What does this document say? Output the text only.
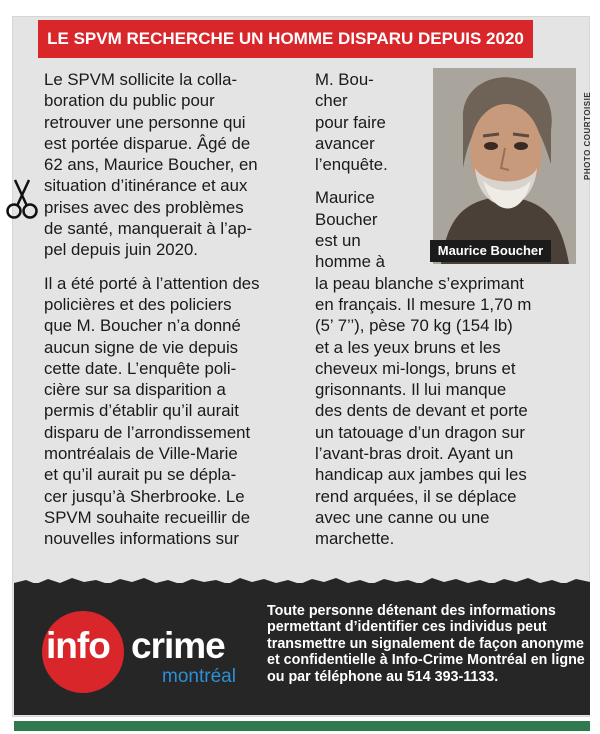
LE SPVM RECHERCHE UN HOMME DISPARU DEPUIS 2020

Le SPVM sollicite la colla-
boration du public pour
retrouver une personne qui
est portée disparue. Âgé de
62 ans, Maurice Boucher, en
situation d’itinérance et aux
prises avec des problèmes
de santé, manquerait à l’ap-
pel depuis juin 2020.

Il a été porté à l’attention des
policières et des policiers
que M. Boucher n’a donné
aucun signe de vie depuis
cette date. L’enquête poli-
cière sur sa disparition a
permis d’établir qu’il aurait
disparu de l’arrondissement
montréalais de Ville-Marie
et qu’il aurait pu se dépla-
cer jusqu’à Sherbrooke. Le
SPVM souhaite recueillir de
nouvelles informations sur

M. Bou-
cher
pour faire
avancer
l’enquête.

Maurice
Boucher
est un
homme à
la peau blanche s’exprimant
en français. Il mesure 1,70 m
(5’ 7’’), pèse 70 kg (154 lb)
et a les yeux bruns et les
cheveux mi-longs, bruns et
grisonnants. Il lui manque
des dents de devant et porte
un tatouage d’un dragon sur
l’avant-bras droit. Ayant un
handicap aux jambes qui les
rend arquées, il se déplace
avec une canne ou une
marchette.

Maurice Boucher
PHOTO COURTOISIE
info crime
montréal
Toute personne détenant des informations permettant d’identifier ces individus peut transmettre un signalement de façon anonyme et confidentielle à Info-Crime Montréal en ligne ou par téléphone au 514 393-1133.
